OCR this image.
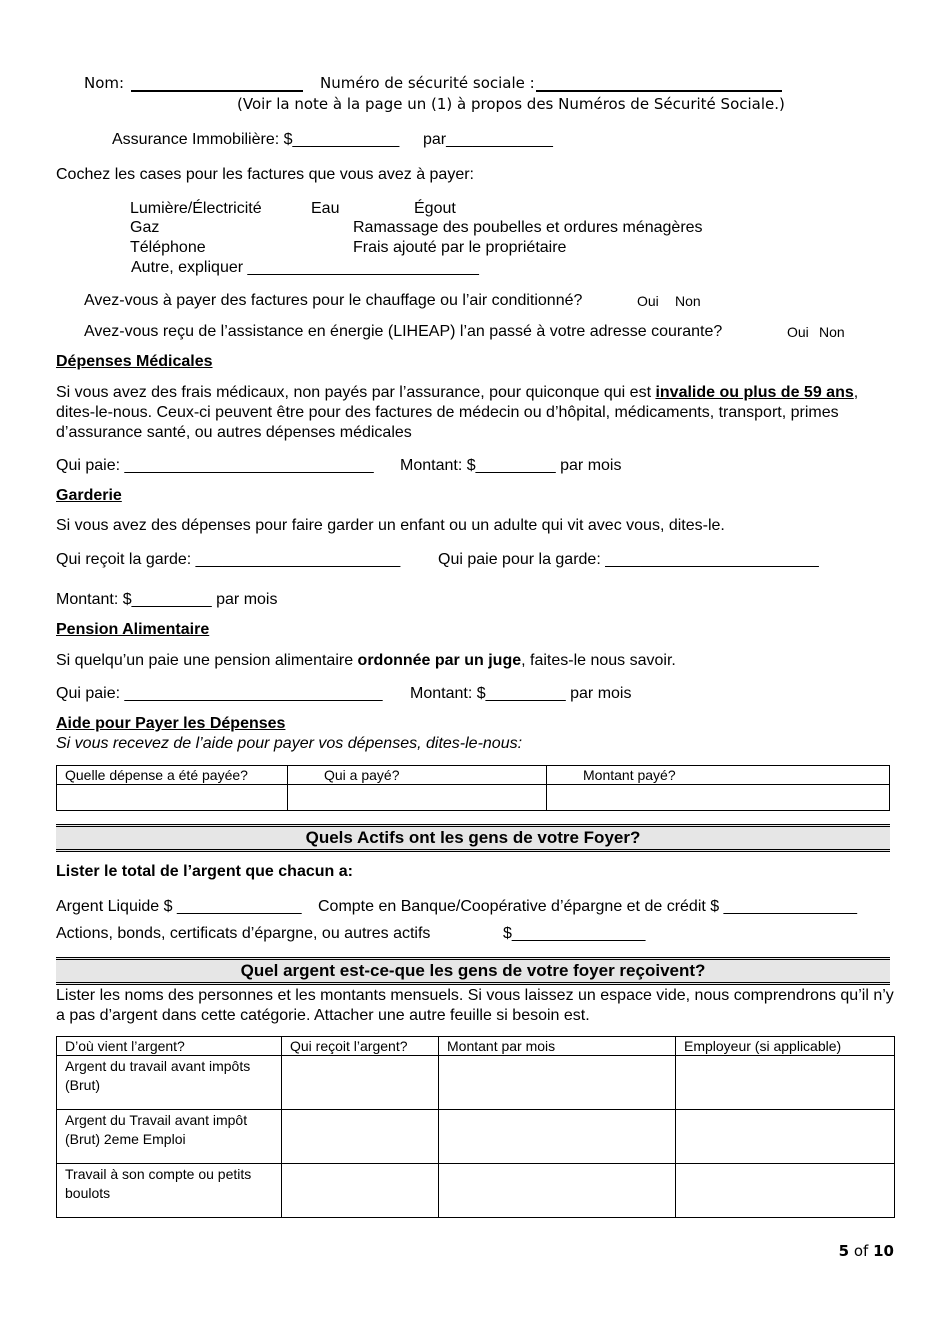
Nom:	Numéro de sécurité sociale :
(Voir la note à la page un (1) à propos des Numéros de Sécurité Sociale.)
Assurance Immobilière: $____________ par____________
Cochez les cases pour les factures que vous avez à payer:
Lumière/Électricité	Eau	Égout
Gaz	Ramassage des poubelles et ordures ménagères
Téléphone	Frais ajouté par le propriétaire
Autre, expliquer __________________________
Avez-vous à payer des factures pour le chauffage ou l’air conditionné?	Oui Non
Avez-vous reçu de l’assistance en énergie (LIHEAP) l’an passé à votre adresse courante?	Oui Non
Dépenses Médicales
Si vous avez des frais médicaux, non payés par l’assurance, pour quiconque qui est invalide ou plus de 59 ans, dites-le-nous. Ceux-ci peuvent être pour des factures de médecin ou d’hôpital, médicaments, transport, primes d’assurance santé, ou autres dépenses médicales
Qui paie: ____________________________ Montant: $_________ par mois
Garderie
Si vous avez des dépenses pour faire garder un enfant ou un adulte qui vit avec vous, dites-le.
Qui reçoit la garde: _______________________ Qui paie pour la garde: ________________________
Montant: $_________ par mois
Pension Alimentaire
Si quelqu’un paie une pension alimentaire ordonnée par un juge, faites-le nous savoir.
Qui paie: _____________________________ Montant: $_________ par mois
Aide pour Payer les Dépenses
Si vous recevez de l’aide pour payer vos dépenses, dites-le-nous:
Quelle dépense a été payée?	Qui a payé?	Montant payé?

Quels Actifs ont les gens de votre Foyer?
Lister le total de l’argent que chacun a:
Argent Liquide $ ______________ Compte en Banque/Coopérative d’épargne et de crédit $ _______________
Actions, bonds, certificats d’épargne, ou autres actifs	$_______________
Quel argent est-ce-que les gens de votre foyer reçoivent?
Lister les noms des personnes et les montants mensuels. Si vous laissez un espace vide, nous comprendrons qu’il n’y a pas d’argent dans cette catégorie. Attacher une autre feuille si besoin est.
D’où vient l’argent?	Qui reçoit l’argent?	Montant par mois	Employeur (si applicable)
Argent du travail avant impôts (Brut)			
Argent du Travail avant impôt (Brut) 2eme Emploi			
Travail à son compte ou petits boulots			
5 of 10
